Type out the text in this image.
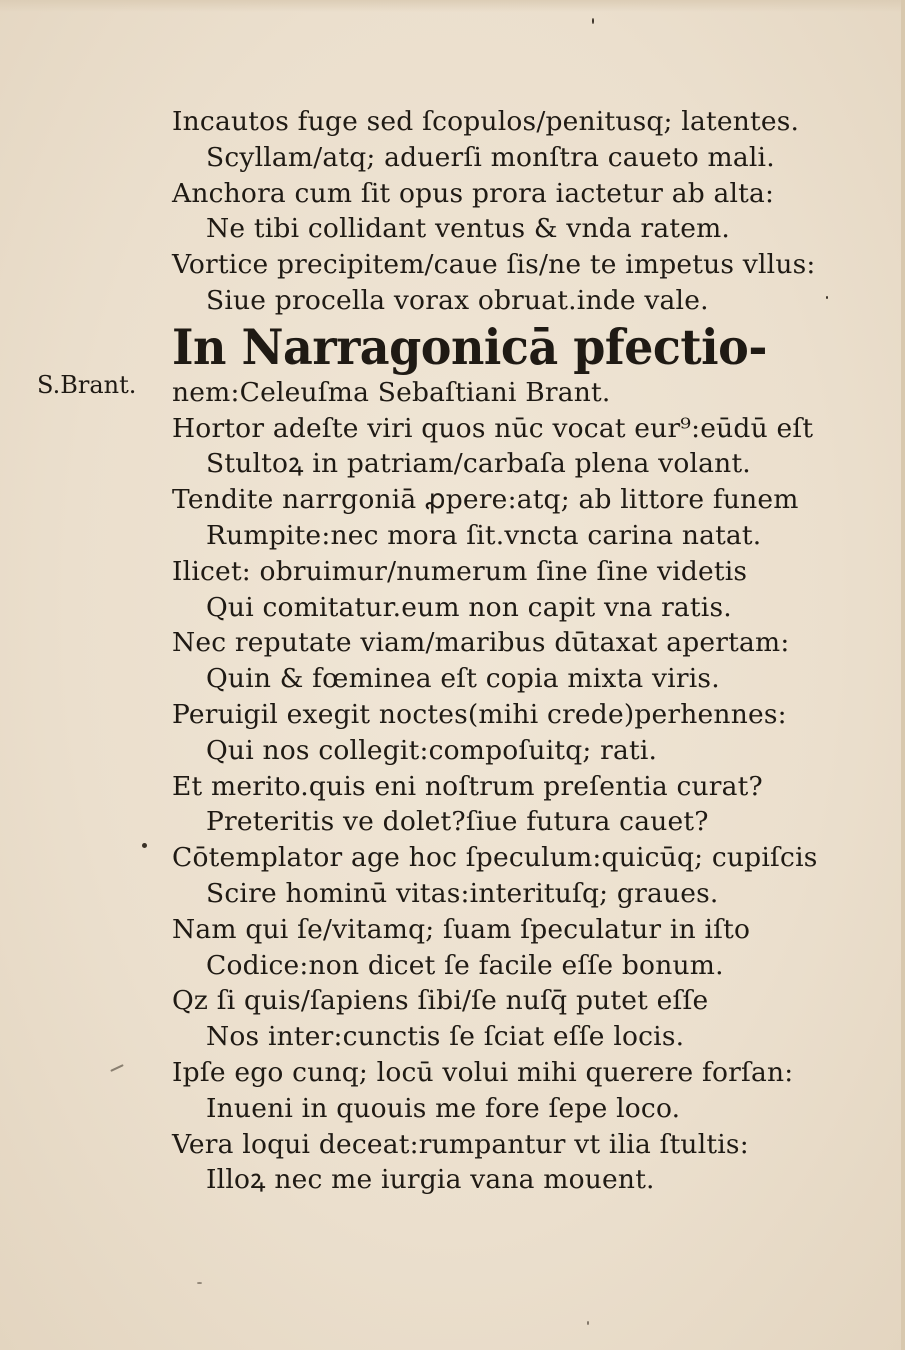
S.Brant.
Incautos fuge sed ſcopulos/penitusq; latentes.
Scyllam/atq; aduerſi monſtra caueto mali.
Anchora cum ſit opus prora iactetur ab alta:
Ne tibi collidant ventus & vnda ratem.
Vortice precipitem/caue ſis/ne te impetus vllus:
Siue procella vorax obruat.inde vale.
In Narragonicā pfectio-
nem:Celeuſma Sebaſtiani Brant.
Hortor adeſte viri quos nūc vocat eur⁹:eūdū eſt
Stultoꝝ in patriam/carbaſa plena volant.
Tendite narrgoniā ꝓpere:atq; ab littore funem
Rumpite:nec mora ſit.vncta carina natat.
Ilicet: obruimur/numerum ſine ſine videtis
Qui comitatur.eum non capit vna ratis.
Nec reputate viam/maribus dūtaxat apertam:
Quin & fœminea eſt copia mixta viris.
Peruigil exegit noctes(mihi crede)perhennes:
Qui nos collegit:compoſuitq; rati.
Et merito.quis eni noſtrum preſentia curat?
Preteritis ve dolet?ſiue futura cauet?
Cōtemplator age hoc ſpeculum:quicūq; cupiſcis
Scire hominū vitas:interituſq; graues.
Nam qui ſe/vitamq; ſuam ſpeculatur in iſto
Codice:non dicet ſe facile eſſe bonum.
Qz ſi quis/ſapiens ſibi/ſe nuſq̄ putet eſſe
Nos inter:cunctis ſe ſciat eſſe locis.
Ipſe ego cunq; locū volui mihi querere forſan:
Inueni in quouis me fore ſepe loco.
Vera loqui deceat:rumpantur vt ilia ſtultis:
Illoꝝ nec me iurgia vana mouent.
